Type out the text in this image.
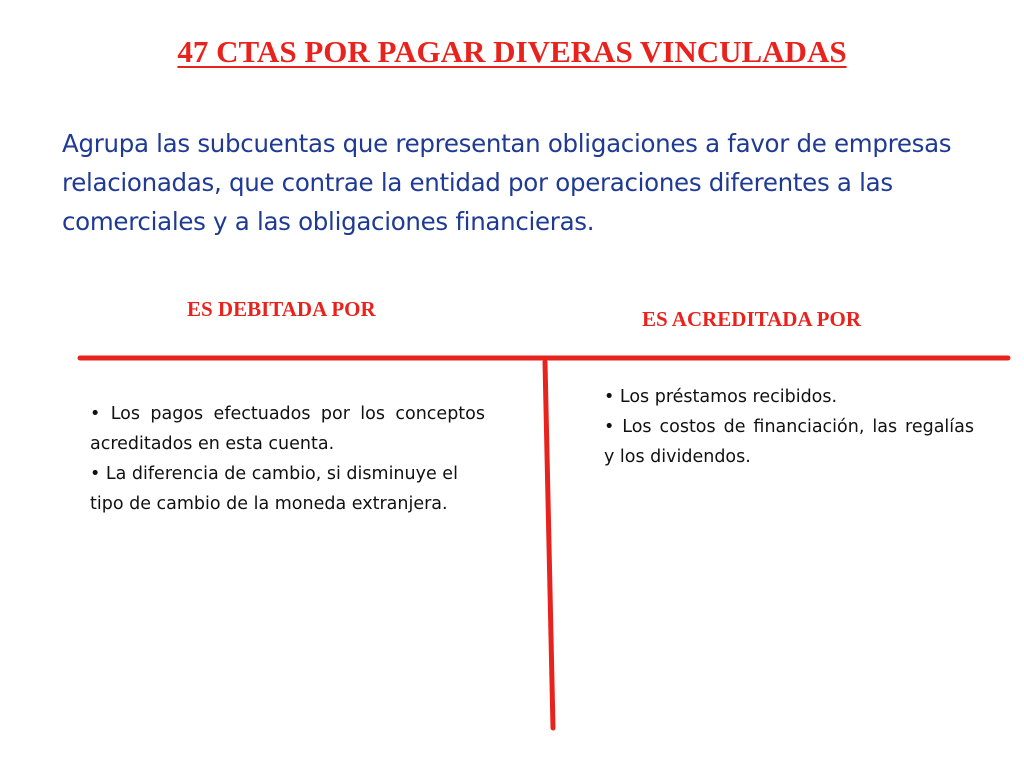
47 CTAS POR PAGAR DIVERAS VINCULADAS
Agrupa las subcuentas que representan obligaciones a favor de empresas relacionadas, que contrae la entidad por operaciones diferentes a las comerciales y a las obligaciones financieras.
ES DEBITADA POR	ES ACREDITADA POR

• Los pagos efectuados por los conceptos acreditados en esta cuenta.

• La diferencia de cambio, si disminuye el tipo de cambio de la moneda extranjera.

• Los préstamos recibidos.

• Los costos de financiación, las regalías y los dividendos.
